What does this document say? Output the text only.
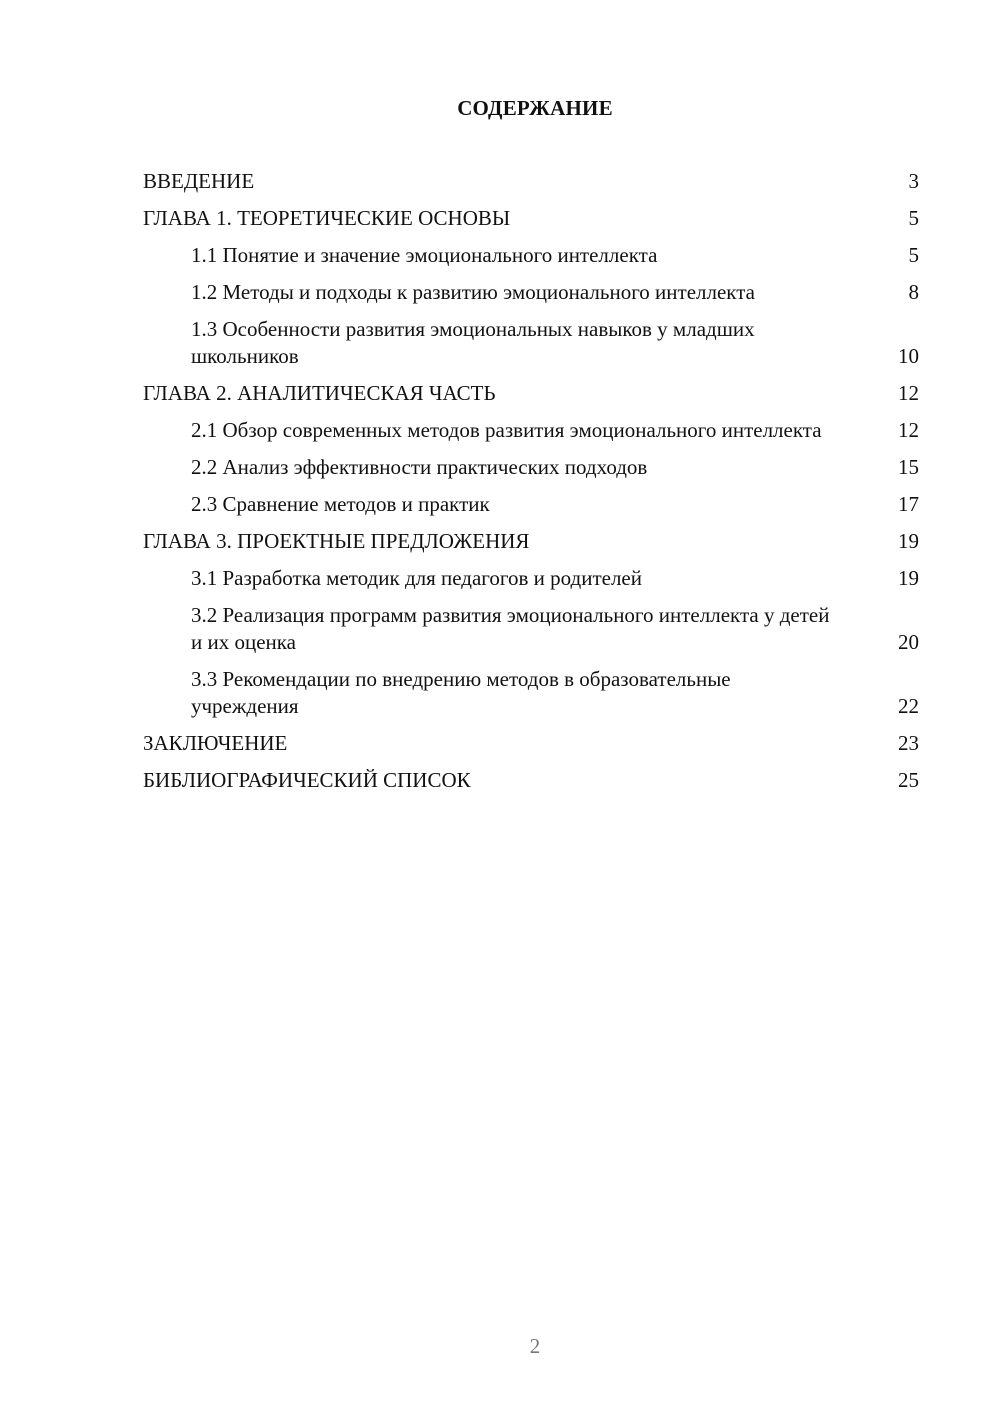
СОДЕРЖАНИЕ
ВВЕДЕНИЕ	3
ГЛАВА 1. ТЕОРЕТИЧЕСКИЕ ОСНОВЫ	5
1.1 Понятие и значение эмоционального интеллекта	5
1.2 Методы и подходы к развитию эмоционального интеллекта	8
1.3 Особенности развития эмоциональных навыков у младших школьников	10
ГЛАВА 2. АНАЛИТИЧЕСКАЯ ЧАСТЬ	12
2.1 Обзор современных методов развития эмоционального интеллекта	12
2.2 Анализ эффективности практических подходов	15
2.3 Сравнение методов и практик	17
ГЛАВА 3. ПРОЕКТНЫЕ ПРЕДЛОЖЕНИЯ	19
3.1 Разработка методик для педагогов и родителей	19
3.2 Реализация программ развития эмоционального интеллекта у детей и их оценка	20
3.3 Рекомендации по внедрению методов в образовательные учреждения	22
ЗАКЛЮЧЕНИЕ	23
БИБЛИОГРАФИЧЕСКИЙ СПИСОК	25
2
